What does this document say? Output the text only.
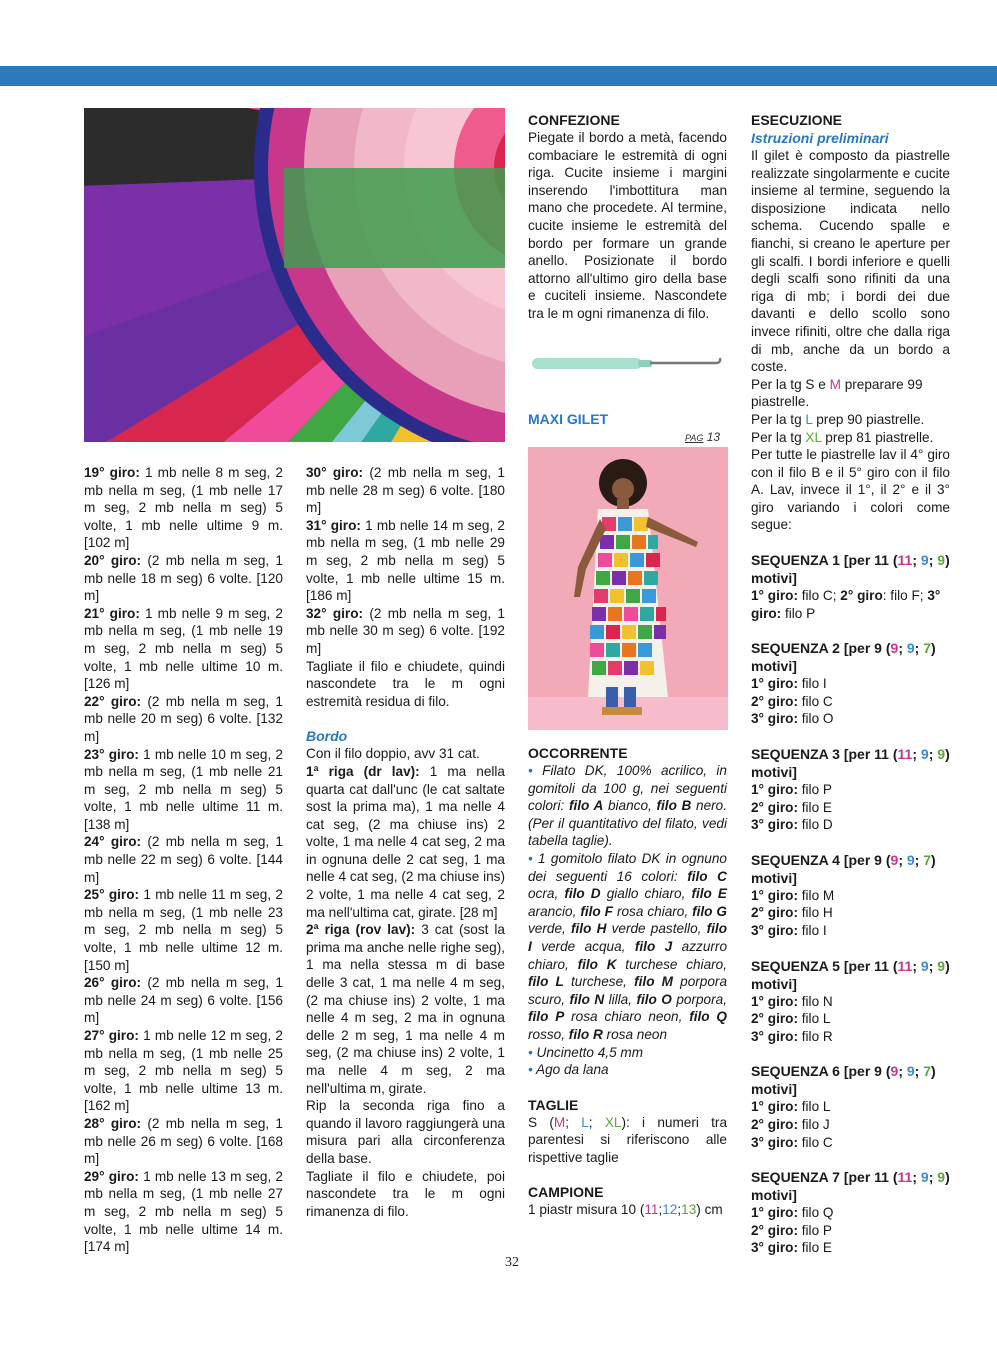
19° giro: 1 mb nelle 8 m seg, 2 mb nella m seg, (1 mb nelle 17 m seg, 2 mb nella m seg) 5 volte, 1 mb nelle ultime 9 m. [102 m]

20° giro: (2 mb nella m seg, 1 mb nelle 18 m seg) 6 volte. [120 m]

21° giro: 1 mb nelle 9 m seg, 2 mb nella m seg, (1 mb nelle 19 m seg, 2 mb nella m seg) 5 volte, 1 mb nelle ultime 10 m. [126 m]

22° giro: (2 mb nella m seg, 1 mb nelle 20 m seg) 6 volte. [132 m]

23° giro: 1 mb nelle 10 m seg, 2 mb nella m seg, (1 mb nelle 21 m seg, 2 mb nella m seg) 5 volte, 1 mb nelle ultime 11 m. [138 m]

24° giro: (2 mb nella m seg, 1 mb nelle 22 m seg) 6 volte. [144 m]

25° giro: 1 mb nelle 11 m seg, 2 mb nella m seg, (1 mb nelle 23 m seg, 2 mb nella m seg) 5 volte, 1 mb nelle ultime 12 m. [150 m]

26° giro: (2 mb nella m seg, 1 mb nelle 24 m seg) 6 volte. [156 m]

27° giro: 1 mb nelle 12 m seg, 2 mb nella m seg, (1 mb nelle 25 m seg, 2 mb nella m seg) 5 volte, 1 mb nelle ultime 13 m. [162 m]

28° giro: (2 mb nella m seg, 1 mb nelle 26 m seg) 6 volte. [168 m]

29° giro: 1 mb nelle 13 m seg, 2 mb nella m seg, (1 mb nelle 27 m seg, 2 mb nella m seg) 5 volte, 1 mb nelle ultime 14 m. [174 m]

30° giro: (2 mb nella m seg, 1 mb nelle 28 m seg) 6 volte. [180 m]

31° giro: 1 mb nelle 14 m seg, 2 mb nella m seg, (1 mb nelle 29 m seg, 2 mb nella m seg) 5 volte, 1 mb nelle ultime 15 m. [186 m]

32° giro: (2 mb nella m seg, 1 mb nelle 30 m seg) 6 volte. [192 m]

Tagliate il filo e chiudete, quindi nascondete tra le m ogni estremità residua di filo.

Bordo

Con il filo doppio, avv 31 cat.

1ª riga (dr lav): 1 ma nella quarta cat dall'unc (le cat saltate sost la prima ma), 1 ma nelle 4 cat seg, (2 ma chiuse ins) 2 volte, 1 ma nelle 4 cat seg, 2 ma in ognuna delle 2 cat seg, 1 ma nelle 4 cat seg, (2 ma chiuse ins) 2 volte, 1 ma nelle 4 cat seg, 2 ma nell'ultima cat, girate. [28 m]

2ª riga (rov lav): 3 cat (sost la prima ma anche nelle righe seg), 1 ma nella stessa m di base delle 3 cat, 1 ma nelle 4 m seg, (2 ma chiuse ins) 2 volte, 1 ma nelle 4 m seg, 2 ma in ognuna delle 2 m seg, 1 ma nelle 4 m seg, (2 ma chiuse ins) 2 volte, 1 ma nelle 4 m seg, 2 ma nell'ultima m, girate.

Rip la seconda riga fino a quando il lavoro raggiungerà una misura pari alla circonferenza della base.

Tagliate il filo e chiudete, poi nascondete tra le m ogni rimanenza di filo.

CONFEZIONE

Piegate il bordo a metà, facendo combaciare le estremità di ogni riga. Cucite insieme i margini inserendo l'imbottitura man mano che procedete. Al termine, cucite insieme le estremità del bordo per formare un grande anello. Posizionate il bordo attorno all'ultimo giro della base e cuciteli insieme. Nascondete tra le m ogni rimanenza di filo.

MAXI GILET
PAG 13

OCCORRENTE

• Filato DK, 100% acrilico, in gomitoli da 100 g, nei seguenti colori: filo A bianco, filo B nero. (Per il quantitativo del filato, vedi tabella taglie).

• 1 gomitolo filato DK in ognuno dei seguenti 16 colori: filo C ocra, filo D giallo chiaro, filo E arancio, filo F rosa chiaro, filo G verde, filo H verde pastello, filo I verde acqua, filo J azzurro chiaro, filo K turchese chiaro, filo L turchese, filo M porpora scuro, filo N lilla, filo O porpora, filo P rosa chiaro neon, filo Q rosso, filo R rosa neon

• Uncinetto 4,5 mm

• Ago da lana

TAGLIE

S (M; L; XL): i numeri tra parentesi si riferiscono alle rispettive taglie

CAMPIONE

1 piastr misura 10 (11;12;13) cm

ESECUZIONE

Istruzioni preliminari

Il gilet è composto da piastrelle realizzate singolarmente e cucite insieme al termine, seguendo la disposizione indicata nello schema. Cucendo spalle e fianchi, si creano le aperture per gli scalfi. I bordi inferiore e quelli degli scalfi sono rifiniti da una riga di mb; i bordi dei due davanti e dello scollo sono invece rifiniti, oltre che dalla riga di mb, anche da un bordo a coste.

Per la tg S e M preparare 99 piastrelle.

Per la tg L prep 90 piastrelle.

Per la tg XL prep 81 piastrelle.

Per tutte le piastrelle lav il 4° giro con il filo B e il 5° giro con il filo A. Lav, invece il 1°, il 2° e il 3° giro variando i colori come segue:

SEQUENZA 1 [per 11 (11; 9; 9) motivi]

1° giro: filo C; 2° giro: filo F; 3° giro: filo P

SEQUENZA 2 [per 9 (9; 9; 7) motivi]

1° giro: filo I

2° giro: filo C

3° giro: filo O

SEQUENZA 3 [per 11 (11; 9; 9) motivi]

1° giro: filo P

2° giro: filo E

3° giro: filo D

SEQUENZA 4 [per 9 (9; 9; 7) motivi]

1° giro: filo M

2° giro: filo H

3° giro: filo I

SEQUENZA 5 [per 11 (11; 9; 9) motivi]

1° giro: filo N

2° giro: filo L

3° giro: filo R

SEQUENZA 6 [per 9 (9; 9; 7) motivi]

1° giro: filo L

2° giro: filo J

3° giro: filo C

SEQUENZA 7 [per 11 (11; 9; 9) motivi]

1° giro: filo Q

2° giro: filo P

3° giro: filo E

32
